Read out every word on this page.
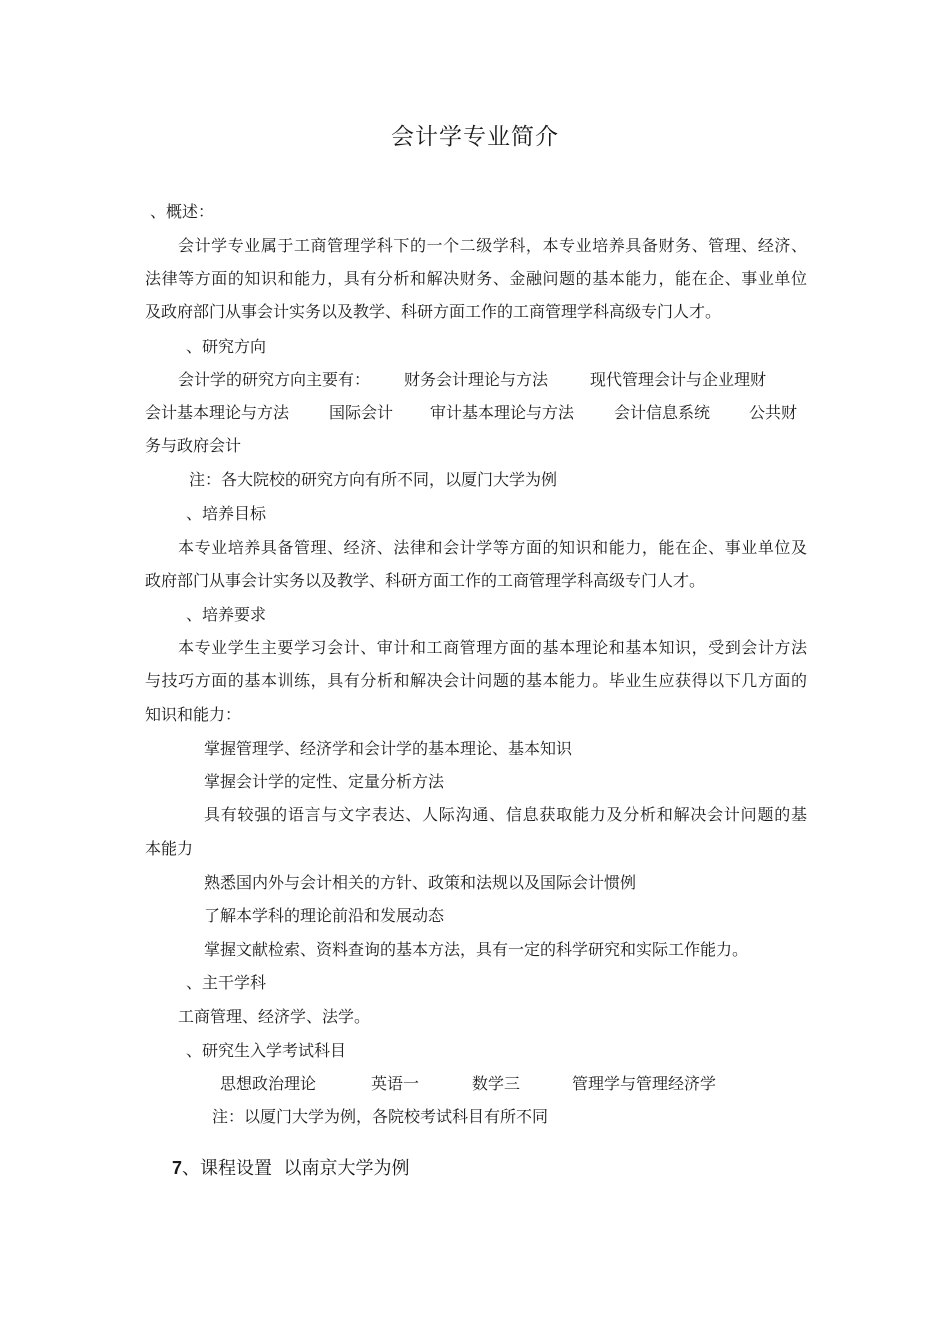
会计学专业简介
、概述：
会计学专业属于工商管理学科下的一个二级学科，本专业培养具备财务、管理、经济、
法律等方面的知识和能力，具有分析和解决财务、金融问题的基本能力，能在企、事业单位
及政府部门从事会计实务以及教学、科研方面工作的工商管理学科高级专门人才。
、研究方向
会计学的研究方向主要有： 财务会计理论与方法	现代管理会计与企业理财
会计基本理论与方法 国际会计 审计基本理论与方法 会计信息系统 公共财
务与政府会计
注：各大院校的研究方向有所不同，以厦门大学为例
、培养目标
本专业培养具备管理、经济、法律和会计学等方面的知识和能力，能在企、事业单位及
政府部门从事会计实务以及教学、科研方面工作的工商管理学科高级专门人才。
、培养要求
本专业学生主要学习会计、审计和工商管理方面的基本理论和基本知识，受到会计方法
与技巧方面的基本训练，具有分析和解决会计问题的基本能力。毕业生应获得以下几方面的
知识和能力：
掌握管理学、经济学和会计学的基本理论、基本知识
掌握会计学的定性、定量分析方法
具有较强的语言与文字表达、人际沟通、信息获取能力及分析和解决会计问题的基
本能力
熟悉国内外与会计相关的方针、政策和法规以及国际会计惯例
了解本学科的理论前沿和发展动态
掌握文献检索、资料查询的基本方法，具有一定的科学研究和实际工作能力。
、主干学科
工商管理、经济学、法学。
、研究生入学考试科目
思想政治理论	英语一	数学三	管理学与管理经济学
注：以厦门大学为例，各院校考试科目有所不同
7、课程设置  以南京大学为例
